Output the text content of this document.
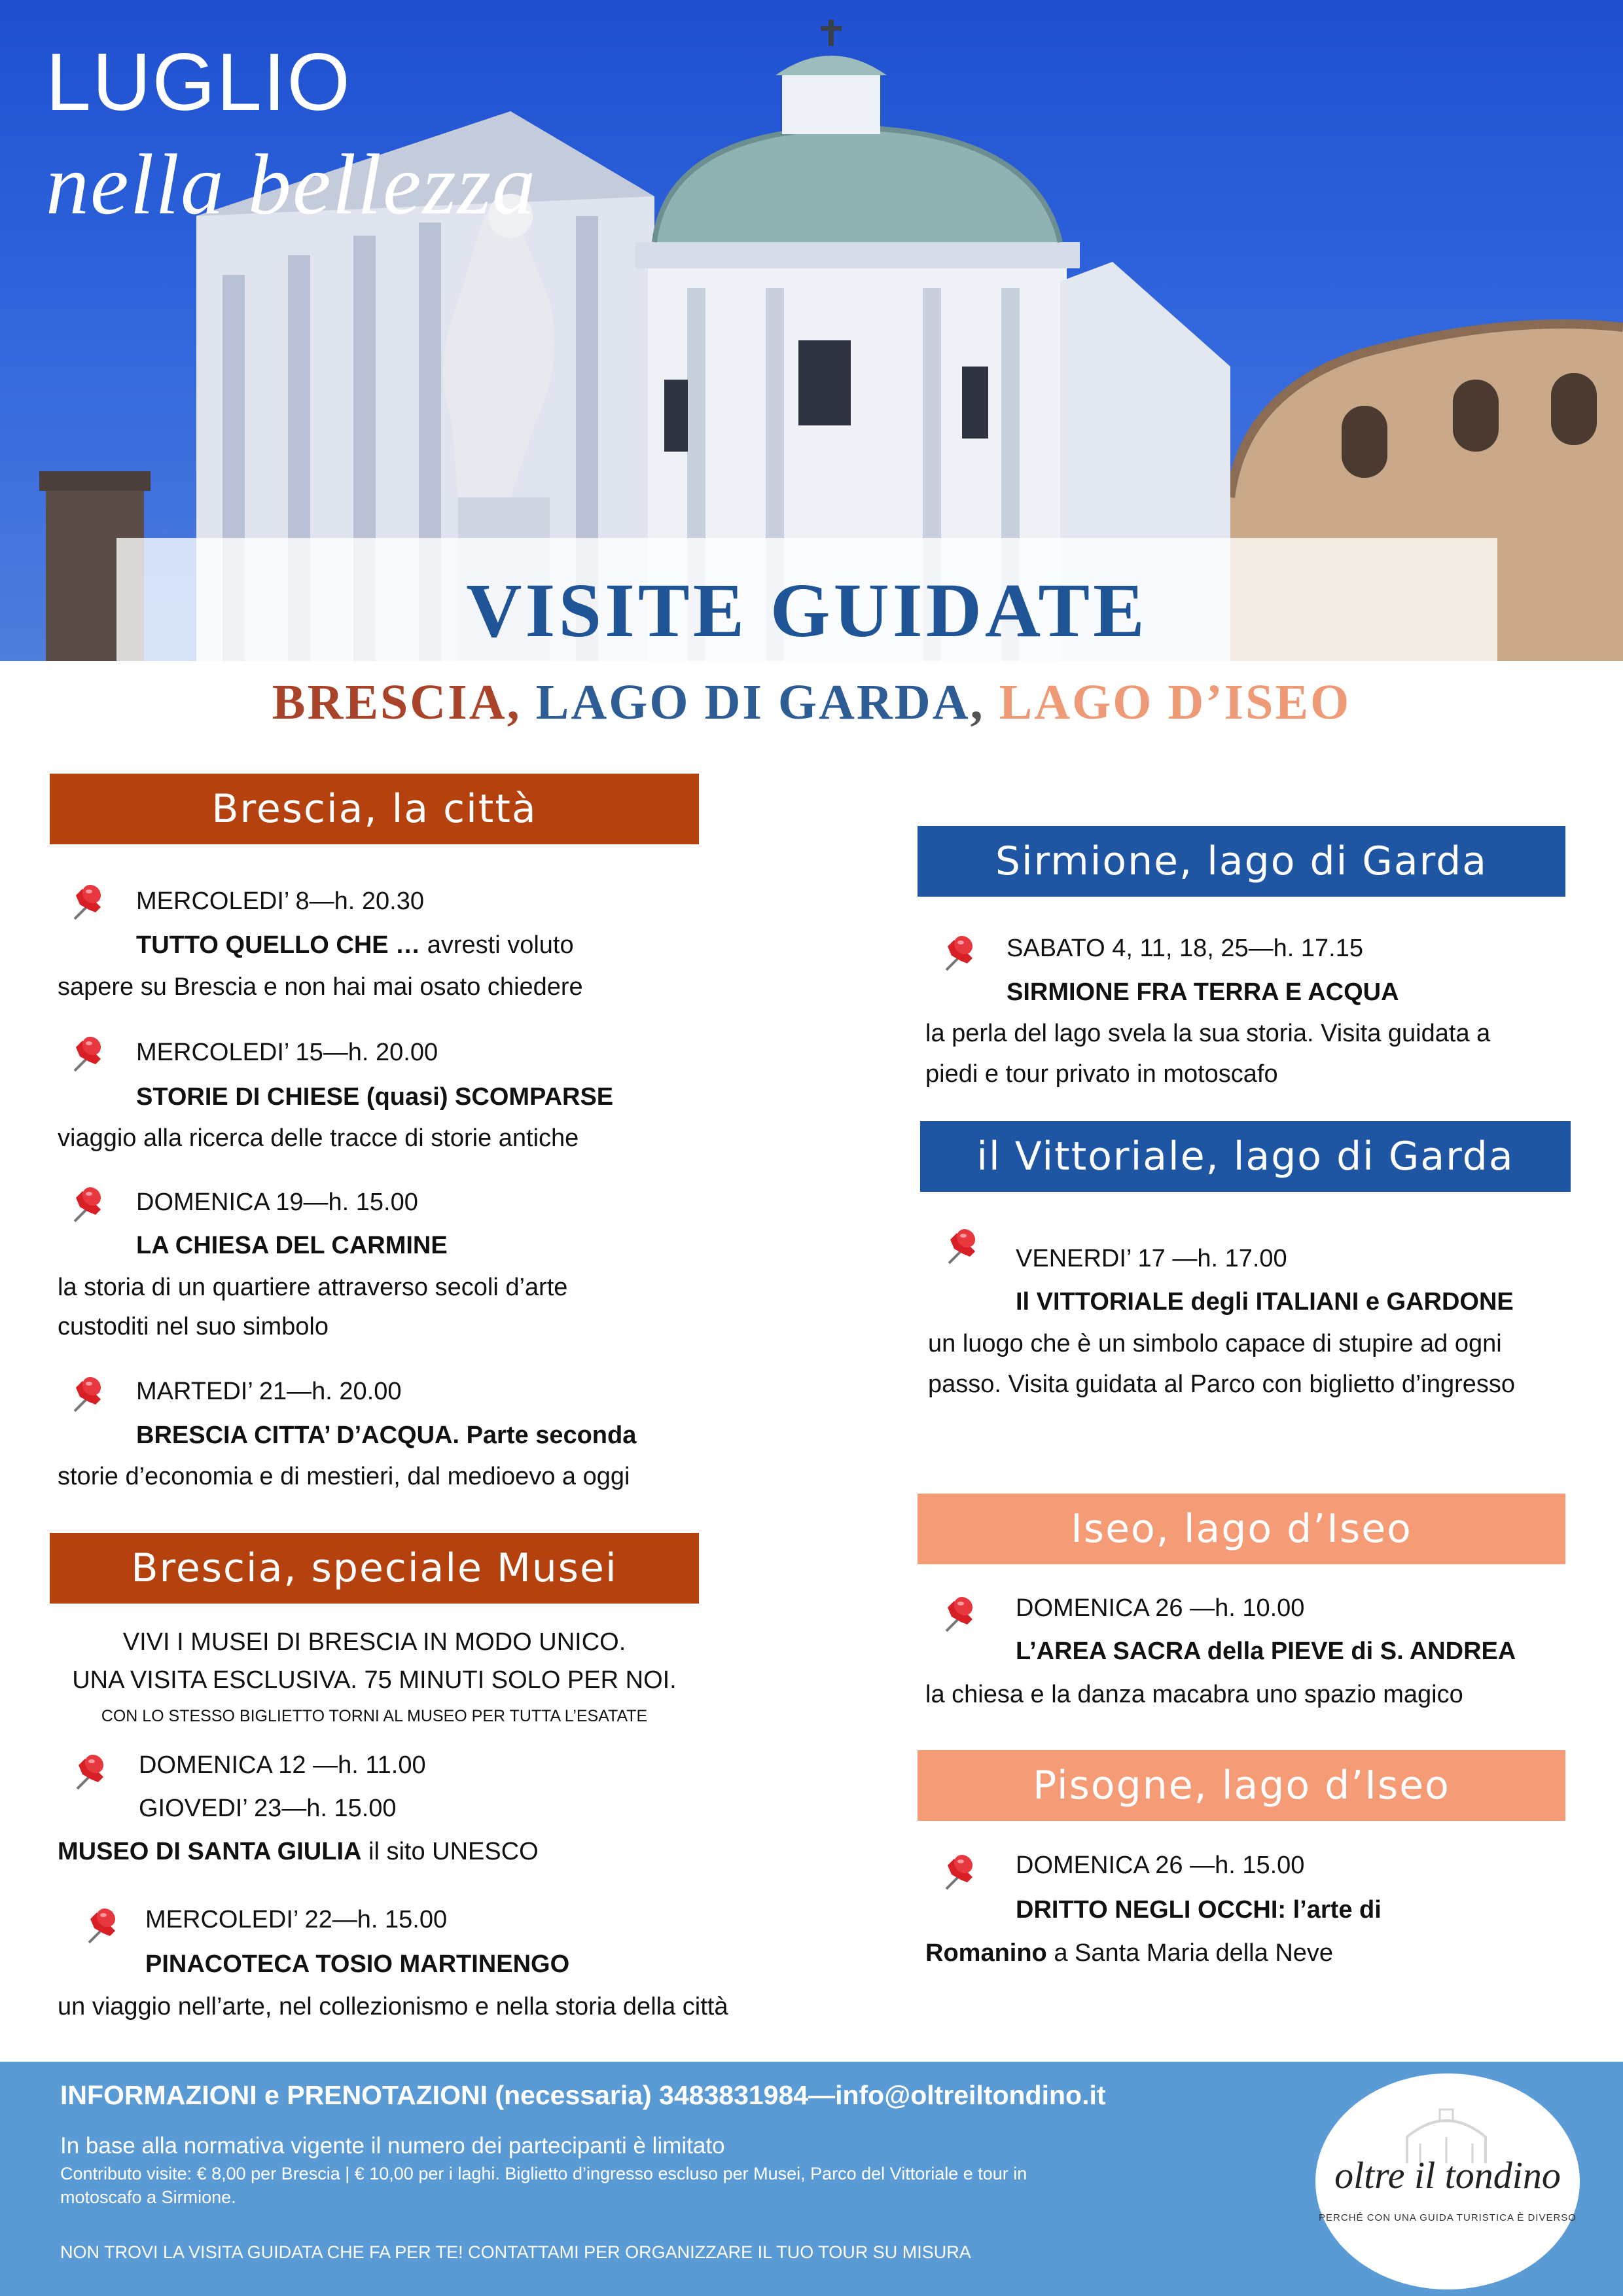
LUGLIO
nella bellezza
VISITE GUIDATE
BRESCIA, LAGO DI GARDA, LAGO D’ISEO
Brescia, la città
MERCOLEDI’ 8—h. 20.30
TUTTO QUELLO CHE … avresti voluto
sapere su Brescia e non hai mai osato chiedere
MERCOLEDI’ 15—h. 20.00
STORIE DI CHIESE (quasi) SCOMPARSE
viaggio alla ricerca delle tracce di storie antiche
DOMENICA 19—h. 15.00
LA CHIESA DEL CARMINE
la storia di un quartiere attraverso secoli d’arte
custoditi nel suo simbolo
MARTEDI’ 21—h. 20.00
BRESCIA CITTA’ D’ACQUA. Parte seconda
storie d’economia e di mestieri, dal medioevo a oggi
Brescia, speciale Musei
VIVI I MUSEI DI BRESCIA IN MODO UNICO.
UNA VISITA ESCLUSIVA. 75 MINUTI SOLO PER NOI.
CON LO STESSO BIGLIETTO TORNI AL MUSEO PER TUTTA L’ESATATE
DOMENICA 12 —h. 11.00
GIOVEDI’ 23—h. 15.00
MUSEO DI SANTA GIULIA il sito UNESCO
MERCOLEDI’ 22—h. 15.00
PINACOTECA TOSIO MARTINENGO
un viaggio nell’arte, nel collezionismo e nella storia della città
Sirmione, lago di Garda
SABATO 4, 11, 18, 25—h. 17.15
SIRMIONE FRA TERRA E ACQUA
la perla del lago svela la sua storia. Visita guidata a
piedi e tour privato in motoscafo
il Vittoriale, lago di Garda
VENERDI’ 17 —h. 17.00
Il VITTORIALE degli ITALIANI e GARDONE
un luogo che è un simbolo capace di stupire ad ogni
passo. Visita guidata al Parco con biglietto d’ingresso
Iseo, lago d’Iseo
DOMENICA 26 —h. 10.00
L’AREA SACRA della PIEVE di S. ANDREA
la chiesa e la danza macabra uno spazio magico
Pisogne, lago d’Iseo
DOMENICA 26 —h. 15.00
DRITTO NEGLI OCCHI: l’arte di
Romanino a Santa Maria della Neve
INFORMAZIONI e PRENOTAZIONI (necessaria) 3483831984—info@oltreiltondino.it
In base alla normativa vigente il numero dei partecipanti è limitato
Contributo visite: € 8,00 per Brescia | € 10,00 per i laghi. Biglietto d’ingresso escluso per Musei, Parco del Vittoriale e tour in
motoscafo a Sirmione.
NON TROVI LA VISITA GUIDATA CHE FA PER TE! CONTATTAMI PER ORGANIZZARE IL TUO TOUR SU MISURA
oltre il tondino
PERCHÉ CON UNA GUIDA TURISTICA È DIVERSO
